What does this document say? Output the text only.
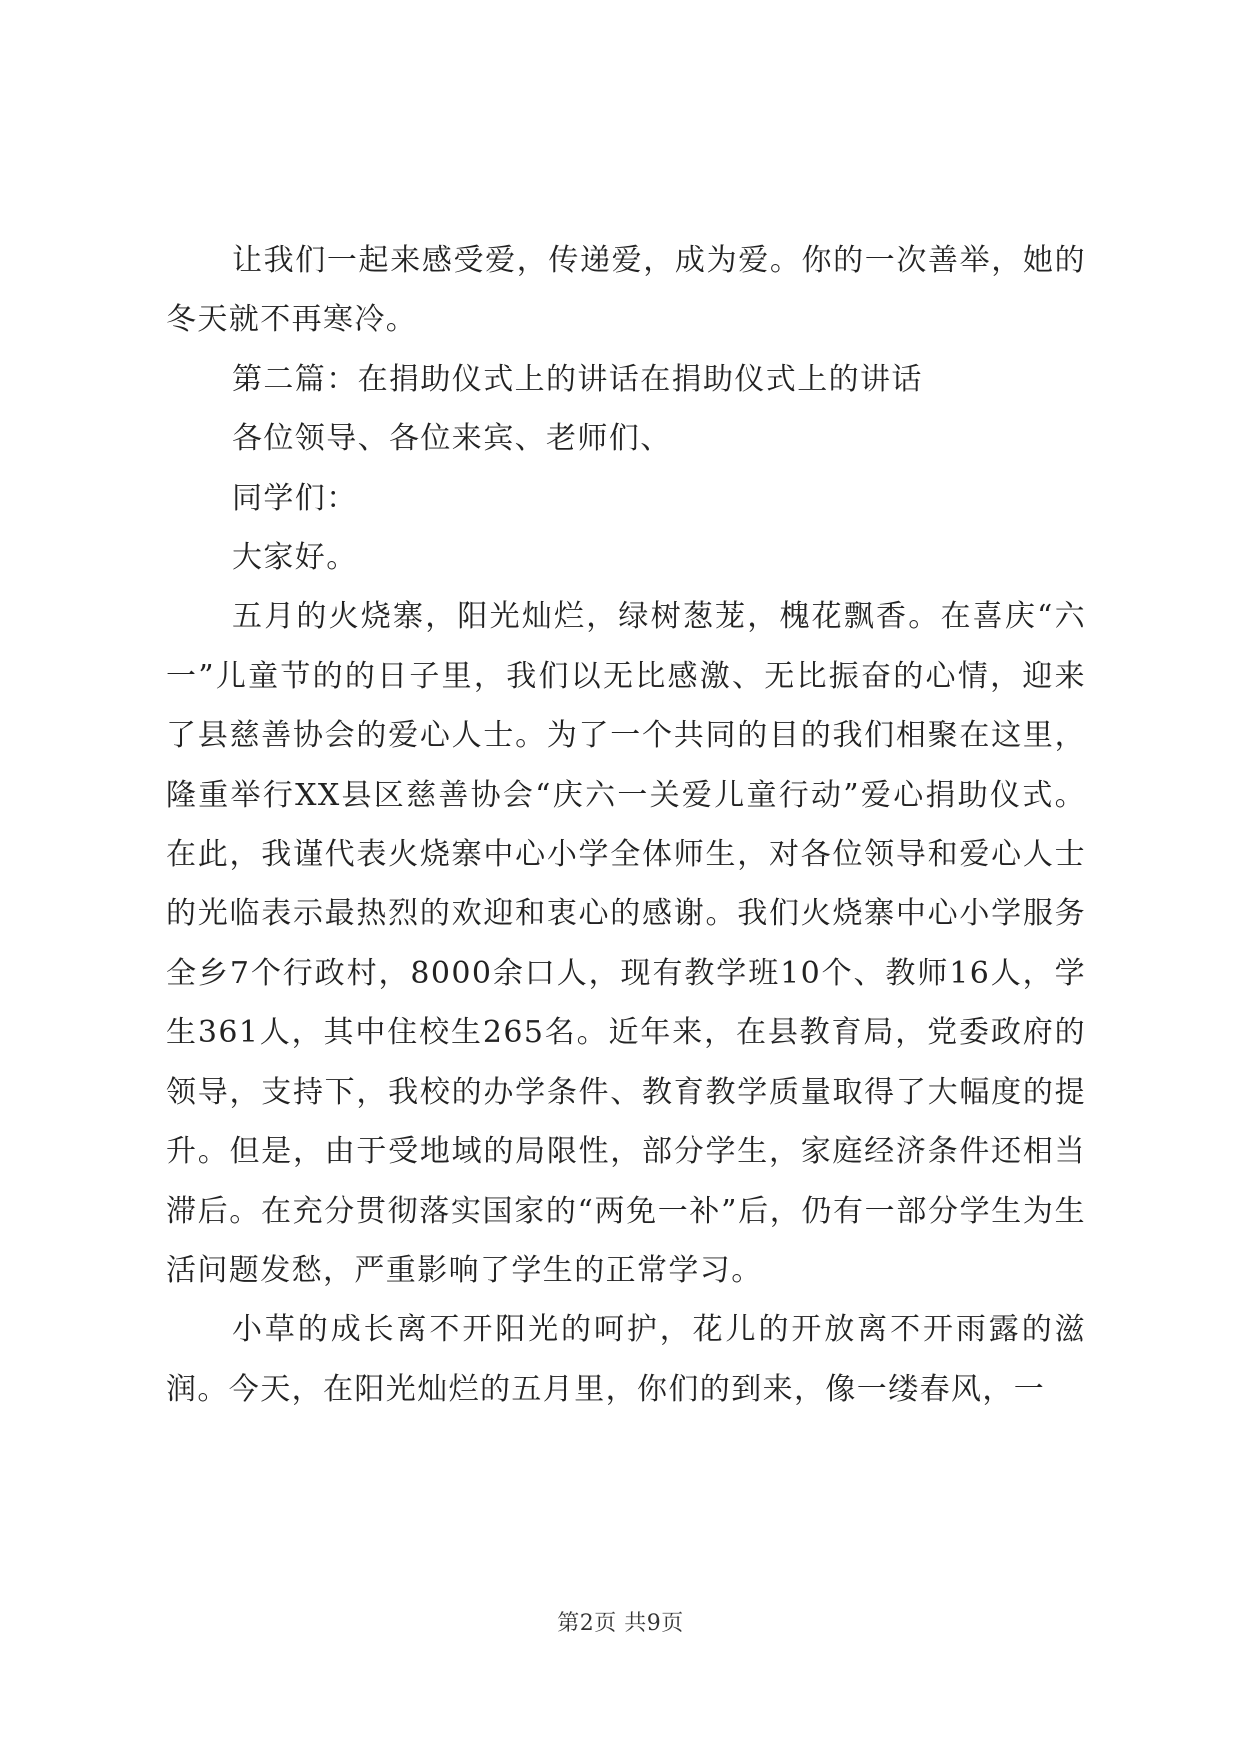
让我们一起来感受爱，传递爱，成为爱。你的一次善举，她的冬天就不再寒冷。

第二篇：在捐助仪式上的讲话在捐助仪式上的讲话

各位领导、各位来宾、老师们、

同学们：

大家好。

五月的火烧寨，阳光灿烂，绿树葱茏，槐花飘香。在喜庆“六一”儿童节的的日子里，我们以无比感激、无比振奋的心情，迎来了县慈善协会的爱心人士。为了一个共同的目的我们相聚在这里，隆重举行XX县区慈善协会“庆六一关爱儿童行动”爱心捐助仪式。在此，我谨代表火烧寨中心小学全体师生，对各位领导和爱心人士的光临表示最热烈的欢迎和衷心的感谢。我们火烧寨中心小学服务全乡7个行政村，8000余口人，现有教学班10个、教师16人，学生361人，其中住校生265名。近年来，在县教育局，党委政府的领导，支持下，我校的办学条件、教育教学质量取得了大幅度的提升。但是，由于受地域的局限性，部分学生，家庭经济条件还相当滞后。在充分贯彻落实国家的“两免一补”后，仍有一部分学生为生活问题发愁，严重影响了学生的正常学习。

小草的成长离不开阳光的呵护，花儿的开放离不开雨露的滋润。今天，在阳光灿烂的五月里，你们的到来，像一缕春风，一

第2页 共9页
